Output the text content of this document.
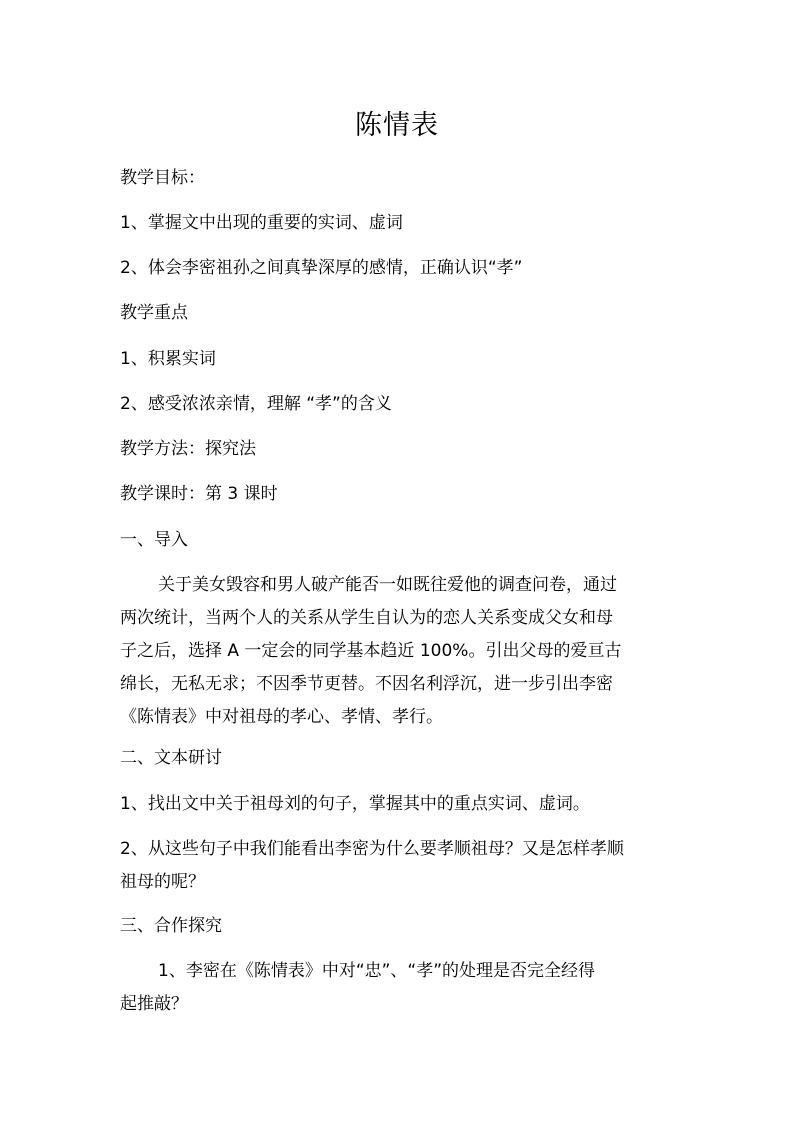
陈情表
教学目标：
1、掌握文中出现的重要的实词、虚词
2、体会李密祖孙之间真挚深厚的感情，正确认识“孝”
教学重点
1、积累实词
2、感受浓浓亲情，理解 “孝”的含义
教学方法：探究法
教学课时：第 3 课时
一、导入
关于美女毁容和男人破产能否一如既往爱他的调查问卷，通过
两次统计，当两个人的关系从学生自认为的恋人关系变成父女和母
子之后，选择 A 一定会的同学基本趋近 100%。引出父母的爱亘古
绵长，无私无求；不因季节更替。不因名利浮沉，进一步引出李密
《陈情表》中对祖母的孝心、孝情、孝行。
二、文本研讨
1、找出文中关于祖母刘的句子，掌握其中的重点实词、虚词。
2、从这些句子中我们能看出李密为什么要孝顺祖母？又是怎样孝顺
祖母的呢？
三、合作探究
1、李密在《陈情表》中对“忠”、“孝”的处理是否完全经得
起推敲？
